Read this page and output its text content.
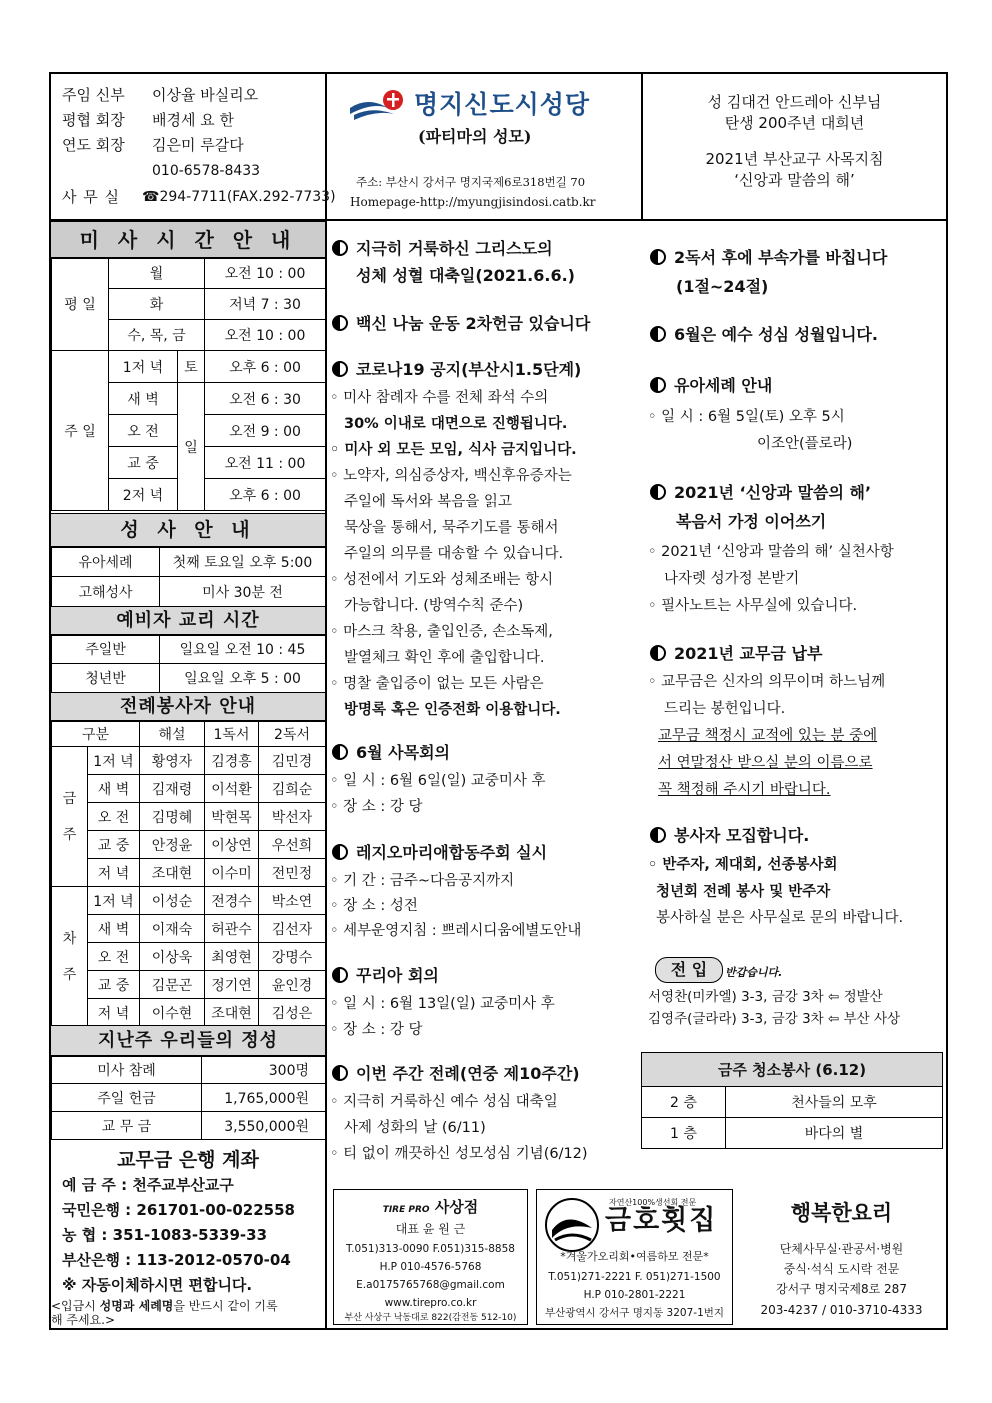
주임 신부 이상율 바실리오
평협 회장 배경세 요 한
연도 회장 김은미 루갈다
010-6578-8433
사 무 실 ☎294-7711(FAX.292-7733)
명지신도시성당
(파티마의 성모)
주소: 부산시 강서구 명지국제6로318번길 70
Homepage-http://myungjisindosi.catb.kr
성 김대건 안드레아 신부님
탄생 200주년 대희년
2021년 부산교구 사목지침
‘신앙과 말씀의 해’
미 사 시 간 안 내
평 일	월		오전 10 : 00
	화		저녁 7 : 30
	수, 목, 금		오전 10 : 00
주 일	1저 녁	토	오후 6 : 00
	새 벽	일	오전 6 : 30
	오 전		오전 9 : 00
	교 중		오전 11 : 00
	2저 녁		오후 6 : 00
성 사 안 내
유아세례	첫째 토요일 오후 5:00
고해성사	미사 30분 전
예비자 교리 시간
주일반	일요일 오전 10 : 45
청년반	일요일 오후 5 : 00
전례봉사자 안내
구분		해설	1독서	2독서
금
주	1저 녁	황영자	김경흥	김민경
	새 벽	김재령	이석환	김희순
	오 전	김명혜	박현목	박선자
	교 중	안정윤	이상연	우선희
	저 녁	조대현	이수미	전민정
차
주	1저 녁	이성순	전경수	박소연
	새 벽	이재숙	허관수	김선자
	오 전	이상욱	최영현	강명수
	교 중	김문곤	정기연	윤인경
	저 녁	이수현	조대현	김성은
지난주 우리들의 정성
미사 참례	300명
주일 헌금	1,765,000원
교 무 금	3,550,000원
교무금 은행 계좌
예 금 주 : 천주교부산교구
국민은행 : 261701-00-022558
농 협 : 351-1083-5339-33
부산은행 : 113-2012-0570-04
※ 자동이체하시면 편합니다.
<입금시 성명과 세례명을 반드시 같이 기록
해 주세요.>
지극히 거룩하신 그리스도의
성체 성혈 대축일(2021.6.6.)
백신 나눔 운동 2차헌금 있습니다
코로나19 공지(부산시1.5단계)
◦ 미사 참례자 수를 전체 좌석 수의
30% 이내로 대면으로 진행됩니다.
◦ 미사 외 모든 모임, 식사 금지입니다.
◦ 노약자, 의심증상자, 백신후유증자는
주일에 독서와 복음을 읽고
묵상을 통해서, 묵주기도를 통해서
주일의 의무를 대송할 수 있습니다.
◦ 성전에서 기도와 성체조배는 항시
가능합니다. (방역수칙 준수)
◦ 마스크 착용, 출입인증, 손소독제,
발열체크 확인 후에 출입합니다.
◦ 명찰 출입증이 없는 모든 사람은
방명록 혹은 인증전화 이용합니다.
6월 사목회의
◦ 일 시 : 6월 6일(일) 교중미사 후
◦ 장 소 : 강 당
레지오마리애합동주회 실시
◦ 기 간 : 금주~다음공지까지
◦ 장 소 : 성전
◦ 세부운영지침 : 쁘레시디움에별도안내
꾸리아 회의
◦ 일 시 : 6월 13일(일) 교중미사 후
◦ 장 소 : 강 당
이번 주간 전례(연중 제10주간)
◦ 지극히 거룩하신 예수 성심 대축일
사제 성화의 날 (6/11)
◦ 티 없이 깨끗하신 성모성심 기념(6/12)
2독서 후에 부속가를 바칩니다
(1절~24절)
6월은 예수 성심 성월입니다.
유아세례 안내
◦ 일 시 : 6월 5일(토) 오후 5시
이조안(플로라)
2021년 ‘신앙과 말씀의 해’
복음서 가정 이어쓰기
◦ 2021년 ‘신앙과 말씀의 해’ 실천사항
나자렛 성가정 본받기
◦ 필사노트는 사무실에 있습니다.
2021년 교무금 납부
◦ 교무금은 신자의 의무이며 하느님께
드리는 봉헌입니다.
교무금 책정시 교적에 있는 분 중에
서 연말정산 받으실 분의 이름으로
꼭 책정해 주시기 바랍니다.
봉사자 모집합니다.
◦ 반주자, 제대회, 선종봉사회
청년회 전례 봉사 및 반주자
봉사하실 분은 사무실로 문의 바랍니다.
전 입	반갑습니다.
서영찬(미카엘) 3-3, 금강 3차 ⇦ 정발산
김영주(글라라) 3-3, 금강 3차 ⇦ 부산 사상
금주 청소봉사 (6.12)	
2 층	천사들의 모후
1 층	바다의 별
TIRE PRO 사상점
대표 윤 원 근
T.051)313-0090 F.051)315-8858
H.P 010-4576-5768
E.a0175765768@gmail.com
www.tirepro.co.kr
부산 사상구 낙동대로 822(감전동 512-10)
자연산100%생선회 전문
금호횟집
*겨울가오리회•여름하모 전문*
T.051)271-2221 F. 051)271-1500
H.P 010-2801-2221
부산광역시 강서구 명지동 3207-1번지
행복한요리
단체사무실·관공서·병원
중식·석식 도시락 전문
강서구 명지국제8로 287
203-4237 / 010-3710-4333
